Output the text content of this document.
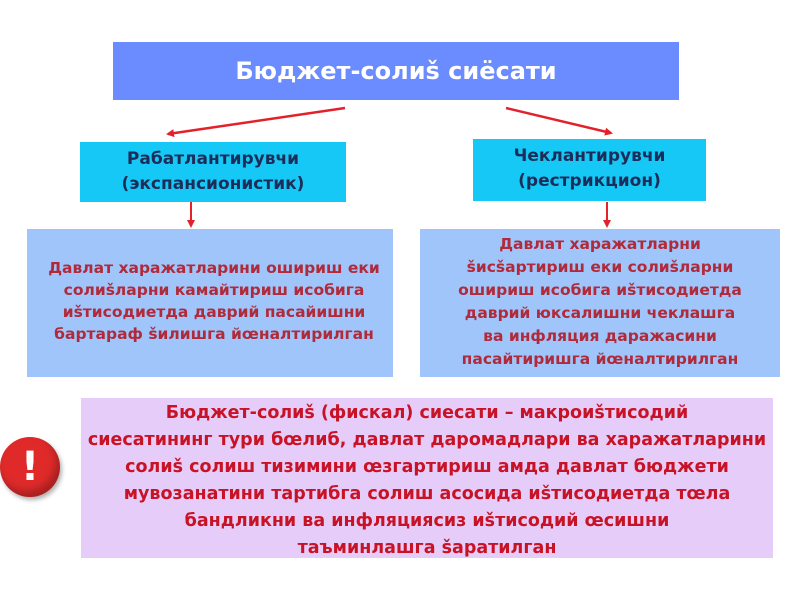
Бюджет-солиš сиёсати
Рабатлантирувчи
(экспансионистик)
Чеклантирувчи
(рестрикцион)
Давлат харажатларини ошириш еки
солиšларни камайтириш исобига
иšтисодиетда даврий пасайишни
бартараф šилишга йœналтирилган
Давлат харажатларни
šисšартириш еки солиšларни
ошириш исобига иšтисодиетда
даврий юксалишни чеклашга
ва инфляция даражасини
пасайтиришга йœналтирилган
Бюджет-солиš (фискал) сиесати – макроиšтисодий
сиесатининг тури бœлиб, давлат даромадлари ва харажатларини
солиš солиш тизимини œзгартириш амда давлат бюджети
мувозанатини тартибга солиш асосида иšтисодиетда тœла
бандликни ва инфляциясиз иšтисодий œсишни
таъминлашга šаратилган
!
